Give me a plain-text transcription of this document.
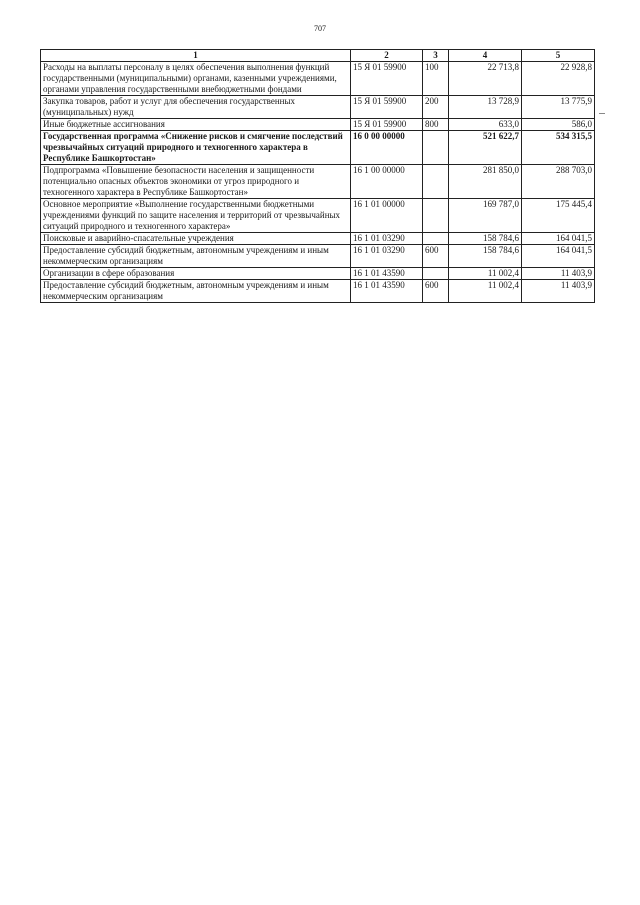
707
1	2	3	4	5
Расходы на выплаты персоналу в целях обеспечения выполнения функций государственными (муниципальными) органами, казенными учреждениями, органами управления государственными внебюджетными фондами	15 Я 01 59900	100	22 713,8	22 928,8
Закупка товаров, работ и услуг для обеспечения государственных (муниципальных) нужд	15 Я 01 59900	200	13 728,9	13 775,9
Иные бюджетные ассигнования	15 Я 01 59900	800	633,0	586,0
Государственная программа «Снижение рисков и смягчение последствий чрезвычайных ситуаций природного и техногенного характера в Республике Башкортостан»	16 0 00 00000		521 622,7	534 315,5
Подпрограмма «Повышение безопасности населения и защищенности потенциально опасных объектов экономики от угроз природного и техногенного характера в Республике Башкортостан»	16 1 00 00000		281 850,0	288 703,0
Основное мероприятие «Выполнение государственными бюджетными учреждениями функций по защите населения и территорий от чрезвычайных ситуаций природного и техногенного характера»	16 1 01 00000		169 787,0	175 445,4
Поисковые и аварийно-спасательные учреждения	16 1 01 03290		158 784,6	164 041,5
Предоставление субсидий бюджетным, автономным учреждениям и иным некоммерческим организациям	16 1 01 03290	600	158 784,6	164 041,5
Организации в сфере образования	16 1 01 43590		11 002,4	11 403,9
Предоставление субсидий бюджетным, автономным учреждениям и иным некоммерческим организациям	16 1 01 43590	600	11 002,4	11 403,9
